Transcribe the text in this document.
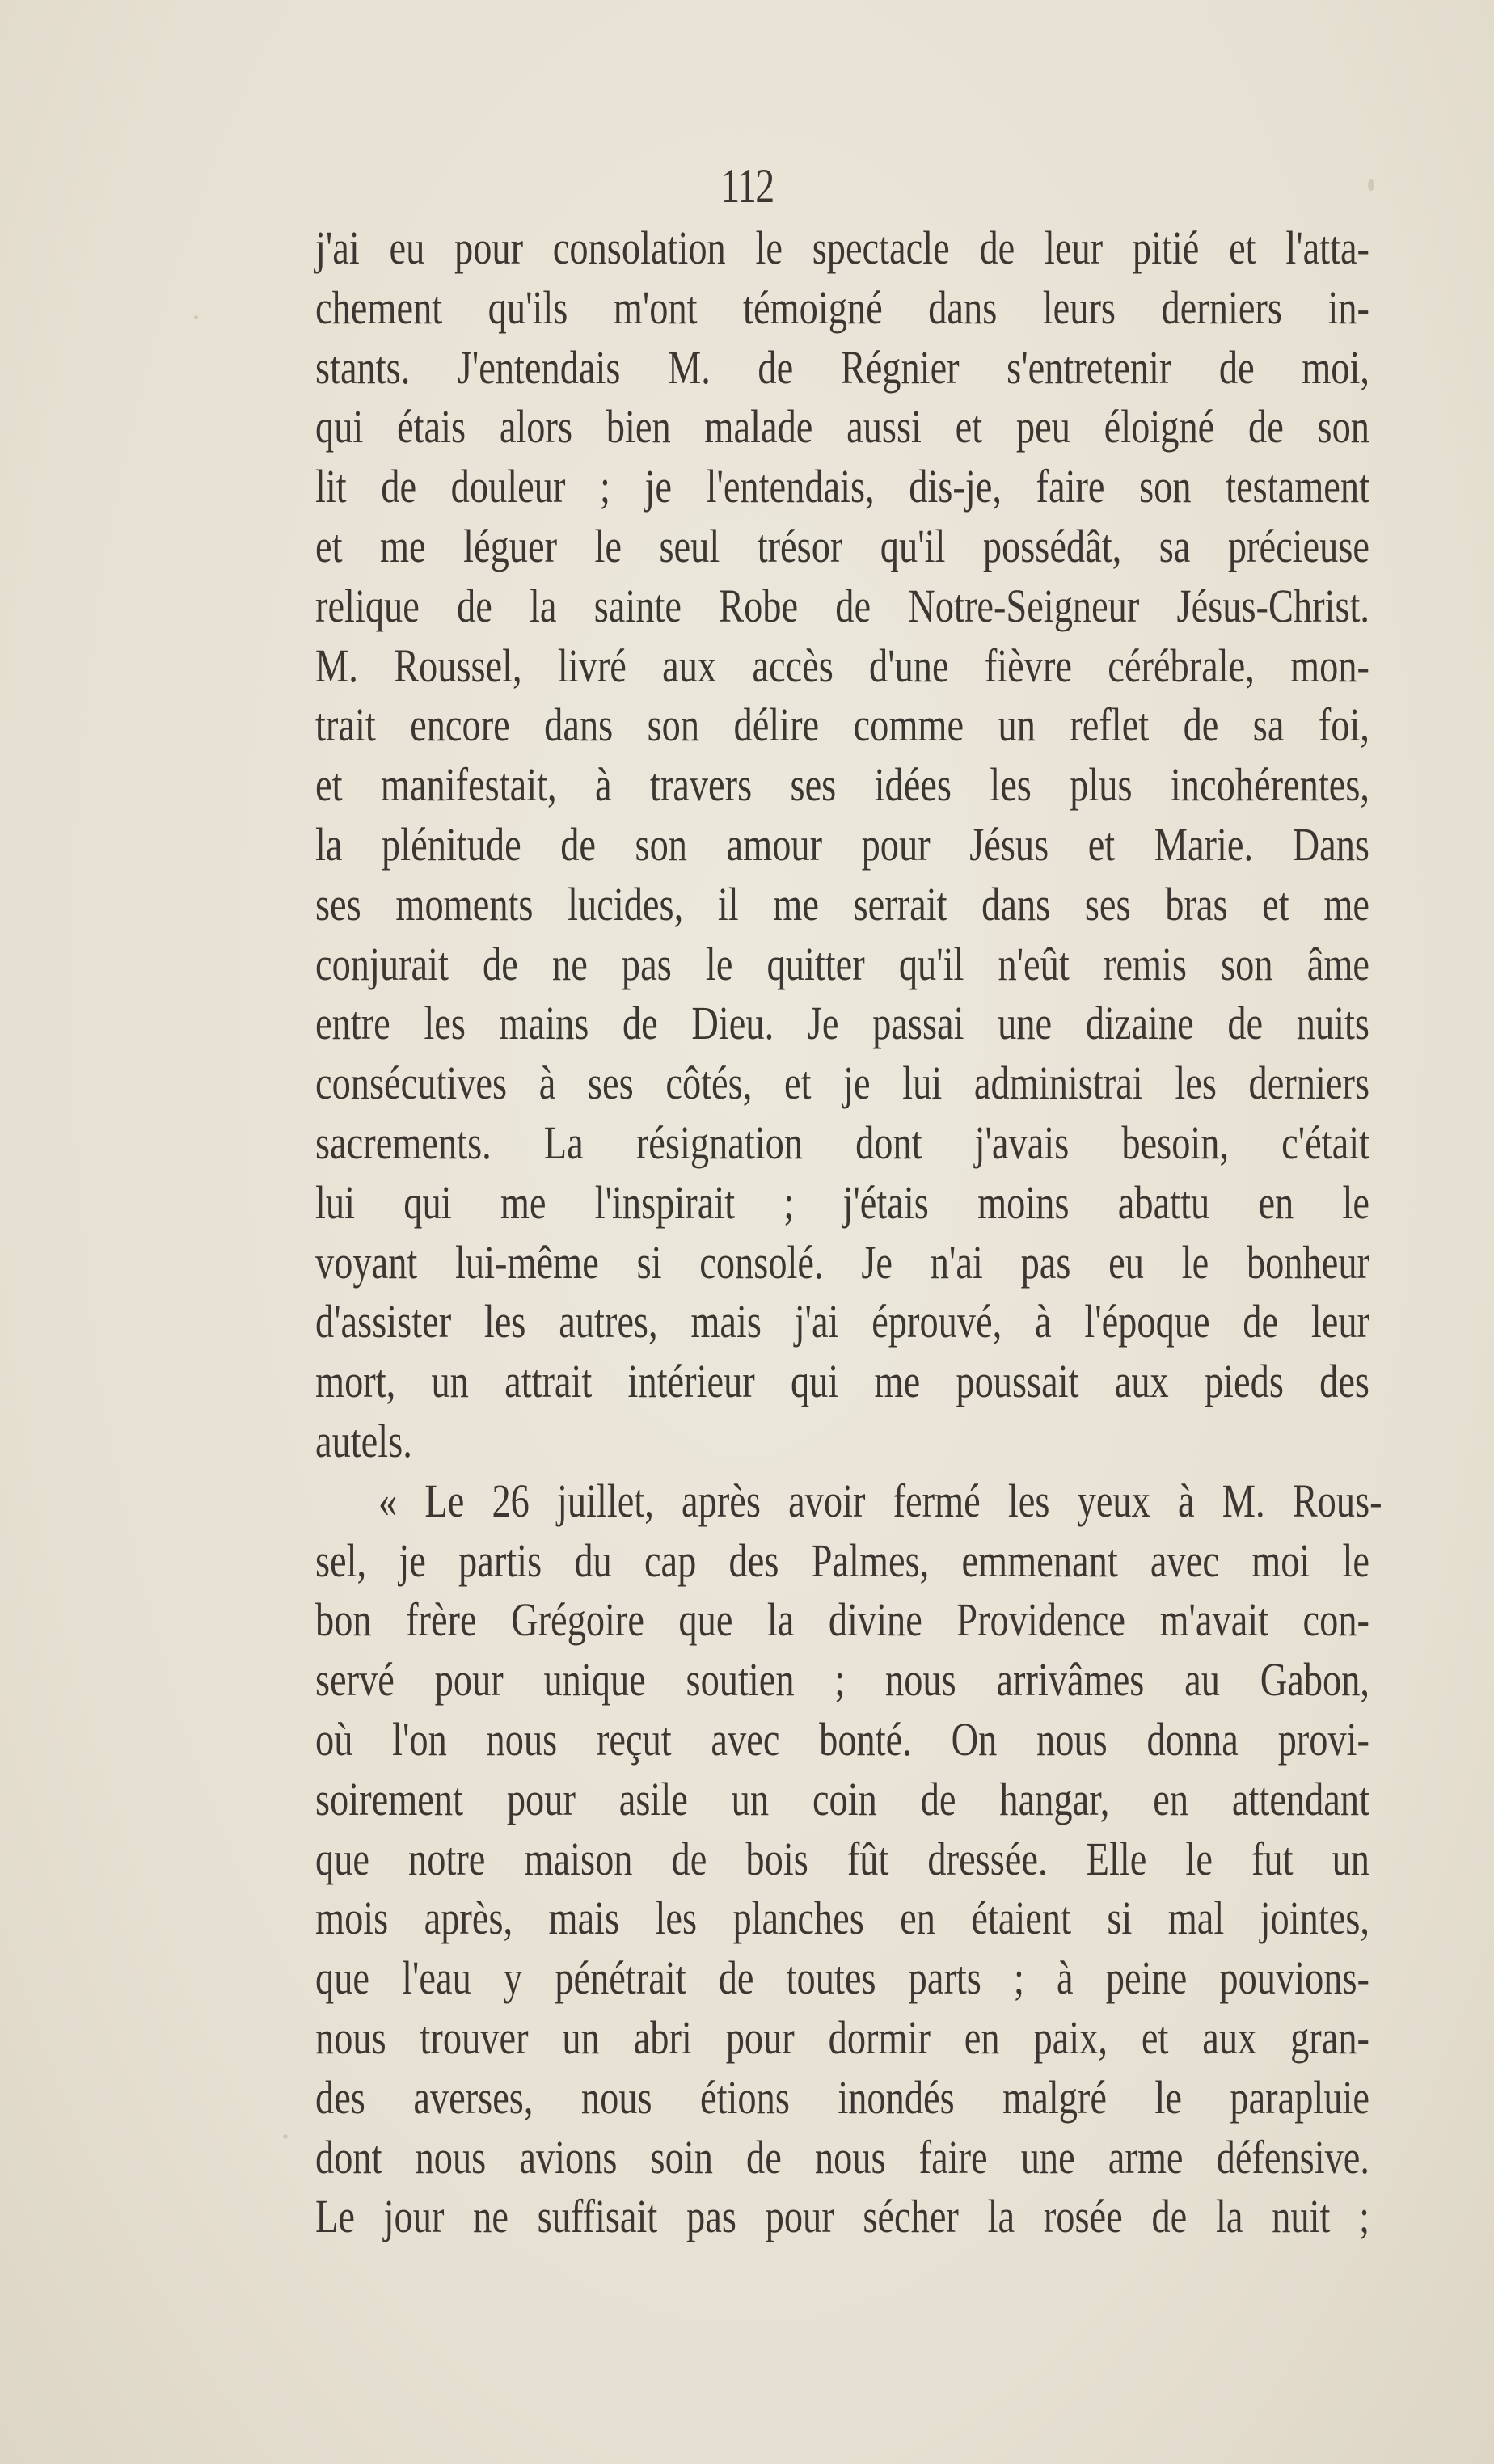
112
j'ai eu pour consolation le spectacle de leur pitié et l'atta-
chement qu'ils m'ont témoigné dans leurs derniers in-
stants. J'entendais M. de Régnier s'entretenir de moi,
qui étais alors bien malade aussi et peu éloigné de son
lit de douleur ; je l'entendais, dis-je, faire son testament
et me léguer le seul trésor qu'il possédât, sa précieuse
relique de la sainte Robe de Notre-Seigneur Jésus-Christ.
M. Roussel, livré aux accès d'une fièvre cérébrale, mon-
trait encore dans son délire comme un reflet de sa foi,
et manifestait, à travers ses idées les plus incohérentes,
la plénitude de son amour pour Jésus et Marie. Dans
ses moments lucides, il me serrait dans ses bras et me
conjurait de ne pas le quitter qu'il n'eût remis son âme
entre les mains de Dieu. Je passai une dizaine de nuits
consécutives à ses côtés, et je lui administrai les derniers
sacrements. La résignation dont j'avais besoin, c'était
lui qui me l'inspirait ; j'étais moins abattu en le
voyant lui-même si consolé. Je n'ai pas eu le bonheur
d'assister les autres, mais j'ai éprouvé, à l'époque de leur
mort, un attrait intérieur qui me poussait aux pieds des
autels.
« Le 26 juillet, après avoir fermé les yeux à M. Rous-
sel, je partis du cap des Palmes, emmenant avec moi le
bon frère Grégoire que la divine Providence m'avait con-
servé pour unique soutien ; nous arrivâmes au Gabon,
où l'on nous reçut avec bonté. On nous donna provi-
soirement pour asile un coin de hangar, en attendant
que notre maison de bois fût dressée. Elle le fut un
mois après, mais les planches en étaient si mal jointes,
que l'eau y pénétrait de toutes parts ; à peine pouvions-
nous trouver un abri pour dormir en paix, et aux gran-
des averses, nous étions inondés malgré le parapluie
dont nous avions soin de nous faire une arme défensive.
Le jour ne suffisait pas pour sécher la rosée de la nuit ;
